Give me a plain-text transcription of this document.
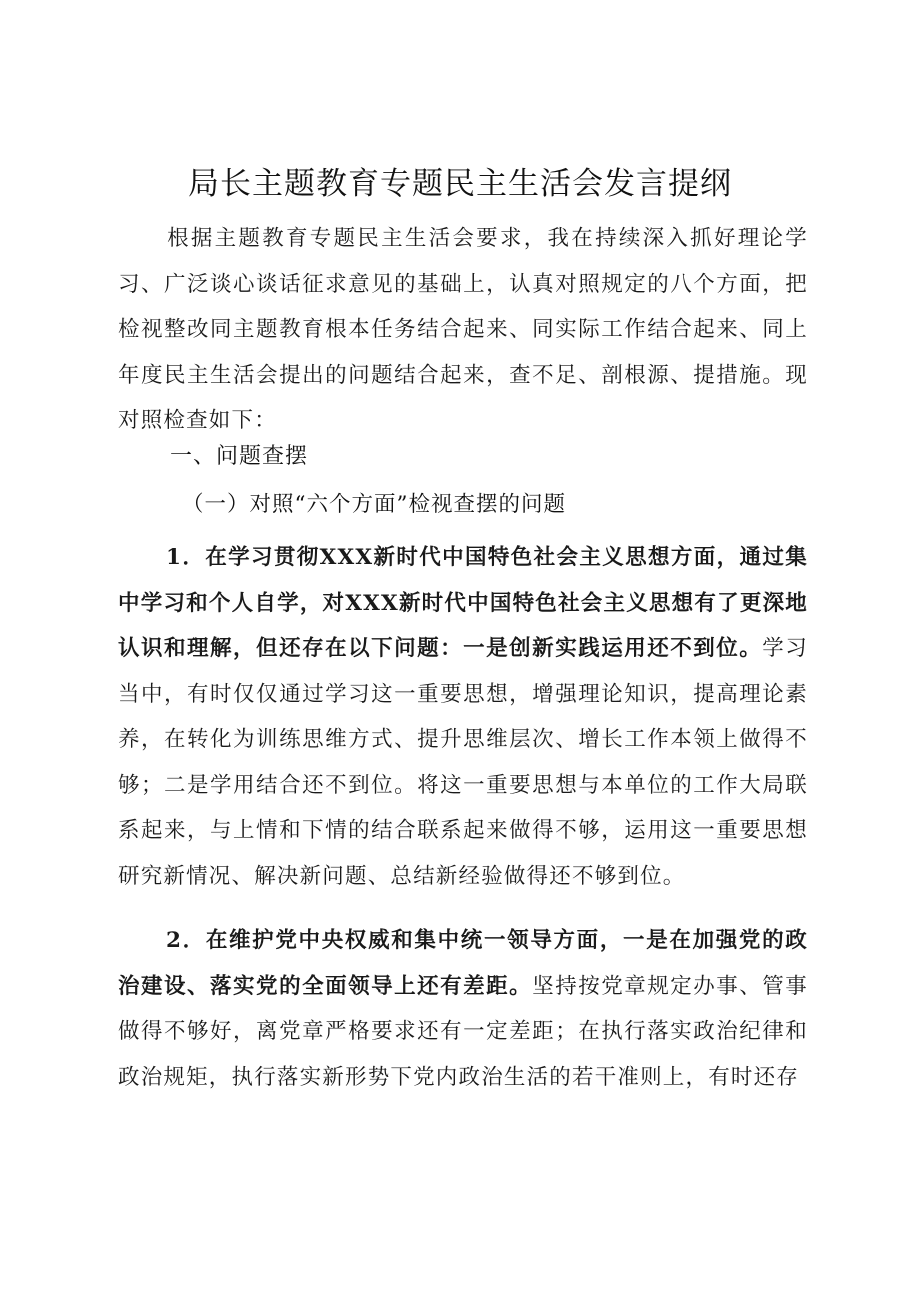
局长主题教育专题民主生活会发言提纲

根据主题教育专题民主生活会要求，我在持续深入抓好理论学习、广泛谈心谈话征求意见的基础上，认真对照规定的八个方面，把检视整改同主题教育根本任务结合起来、同实际工作结合起来、同上年度民主生活会提出的问题结合起来，查不足、剖根源、提措施。现对照检查如下：

一、问题查摆
（一）对照“六个方面”检视查摆的问题

1．在学习贯彻XXX新时代中国特色社会主义思想方面，通过集中学习和个人自学，对XXX新时代中国特色社会主义思想有了更深地认识和理解，但还存在以下问题：一是创新实践运用还不到位。学习当中，有时仅仅通过学习这一重要思想，增强理论知识，提高理论素养，在转化为训练思维方式、提升思维层次、增长工作本领上做得不够；二是学用结合还不到位。将这一重要思想与本单位的工作大局联系起来，与上情和下情的结合联系起来做得不够，运用这一重要思想研究新情况、解决新问题、总结新经验做得还不够到位。

2．在维护党中央权威和集中统一领导方面，一是在加强党的政治建设、落实党的全面领导上还有差距。坚持按党章规定办事、管事做得不够好，离党章严格要求还有一定差距；在执行落实政治纪律和政治规矩，执行落实新形势下党内政治生活的若干准则上，有时还存
